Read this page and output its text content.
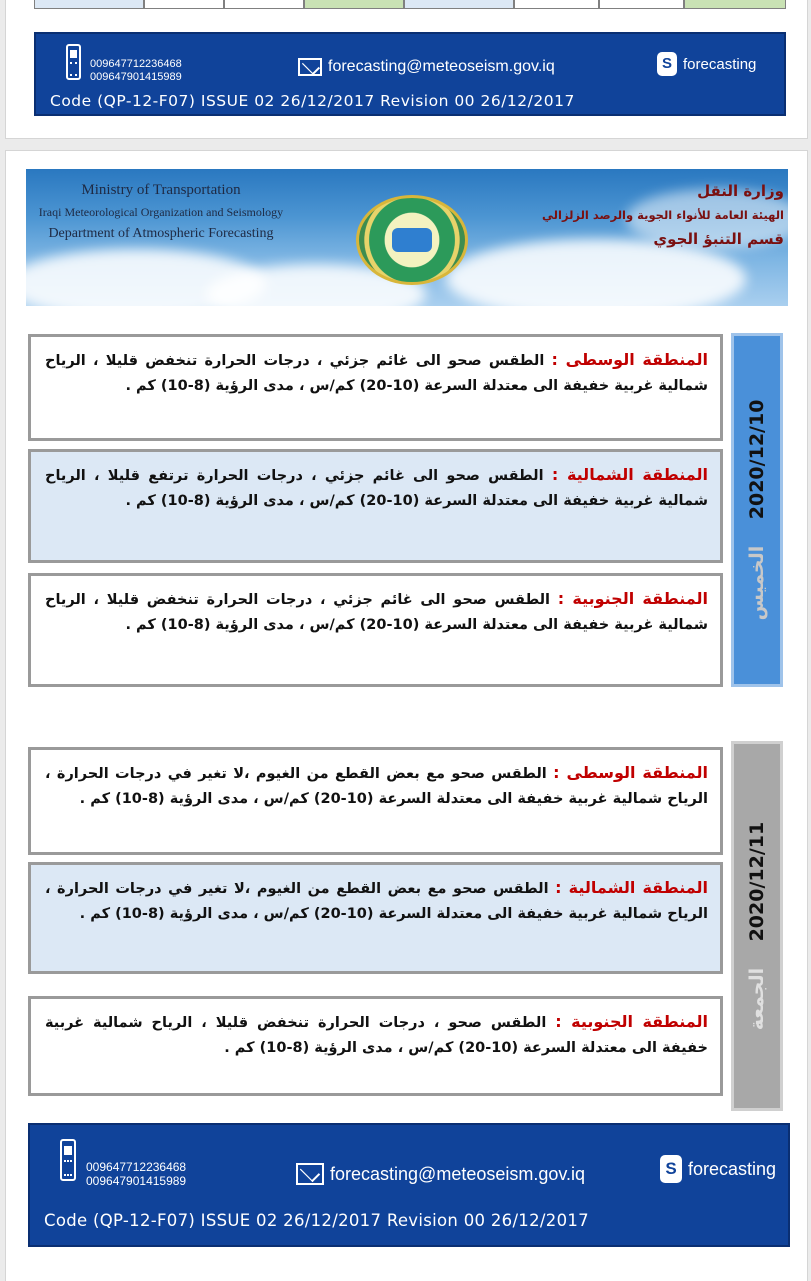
009647712236468
009647901415989
forecasting@meteoseism.gov.iq	S forecasting
Code (QP-12-F07) ISSUE 02 26/12/2017 Revision 00 26/12/2017
Ministry of Transportation
Iraqi Meteorological Organization and Seismology
Department of Atmospheric Forecasting
وزارة النقل
الهيئة العامة للأنواء الجوية والرصد الزلزالي
قسم التنبؤ الجوي
2020/12/10    الخميس
المنطقة الوسطى : الطقس صحو الى غائم جزئي ، درجات الحرارة تنخفض قليلا ، الرياح شمالية غربية خفيفة الى معتدلة السرعة (10-20) كم/س ، مدى الرؤية (8-10) كم .
المنطقة الشمالية : الطقس صحو الى غائم جزئي ، درجات الحرارة ترتفع قليلا ، الرياح شمالية غربية خفيفة الى معتدلة السرعة (10-20) كم/س ، مدى الرؤية (8-10) كم .
المنطقة الجنوبية : الطقس صحو الى غائم جزئي ، درجات الحرارة تنخفض قليلا ، الرياح شمالية غربية خفيفة الى معتدلة السرعة (10-20) كم/س ، مدى الرؤية (8-10) كم .
2020/12/11    الجمعة
المنطقة الوسطى : الطقس صحو مع بعض القطع من الغيوم ،لا تغير في درجات الحرارة ، الرياح شمالية غربية خفيفة الى معتدلة السرعة (10-20) كم/س ، مدى الرؤية (8-10) كم .
المنطقة الشمالية : الطقس صحو مع بعض القطع من الغيوم ،لا تغير في درجات الحرارة ، الرياح شمالية غربية خفيفة الى معتدلة السرعة (10-20) كم/س ، مدى الرؤية (8-10) كم .
المنطقة الجنوبية : الطقس صحو ، درجات الحرارة تنخفض قليلا ، الرياح شمالية غربية خفيفة الى معتدلة السرعة (10-20) كم/س ، مدى الرؤية (8-10) كم .
009647712236468
009647901415989	forecasting@meteoseism.gov.iq	S forecasting
Code (QP-12-F07) ISSUE 02 26/12/2017 Revision 00 26/12/2017
